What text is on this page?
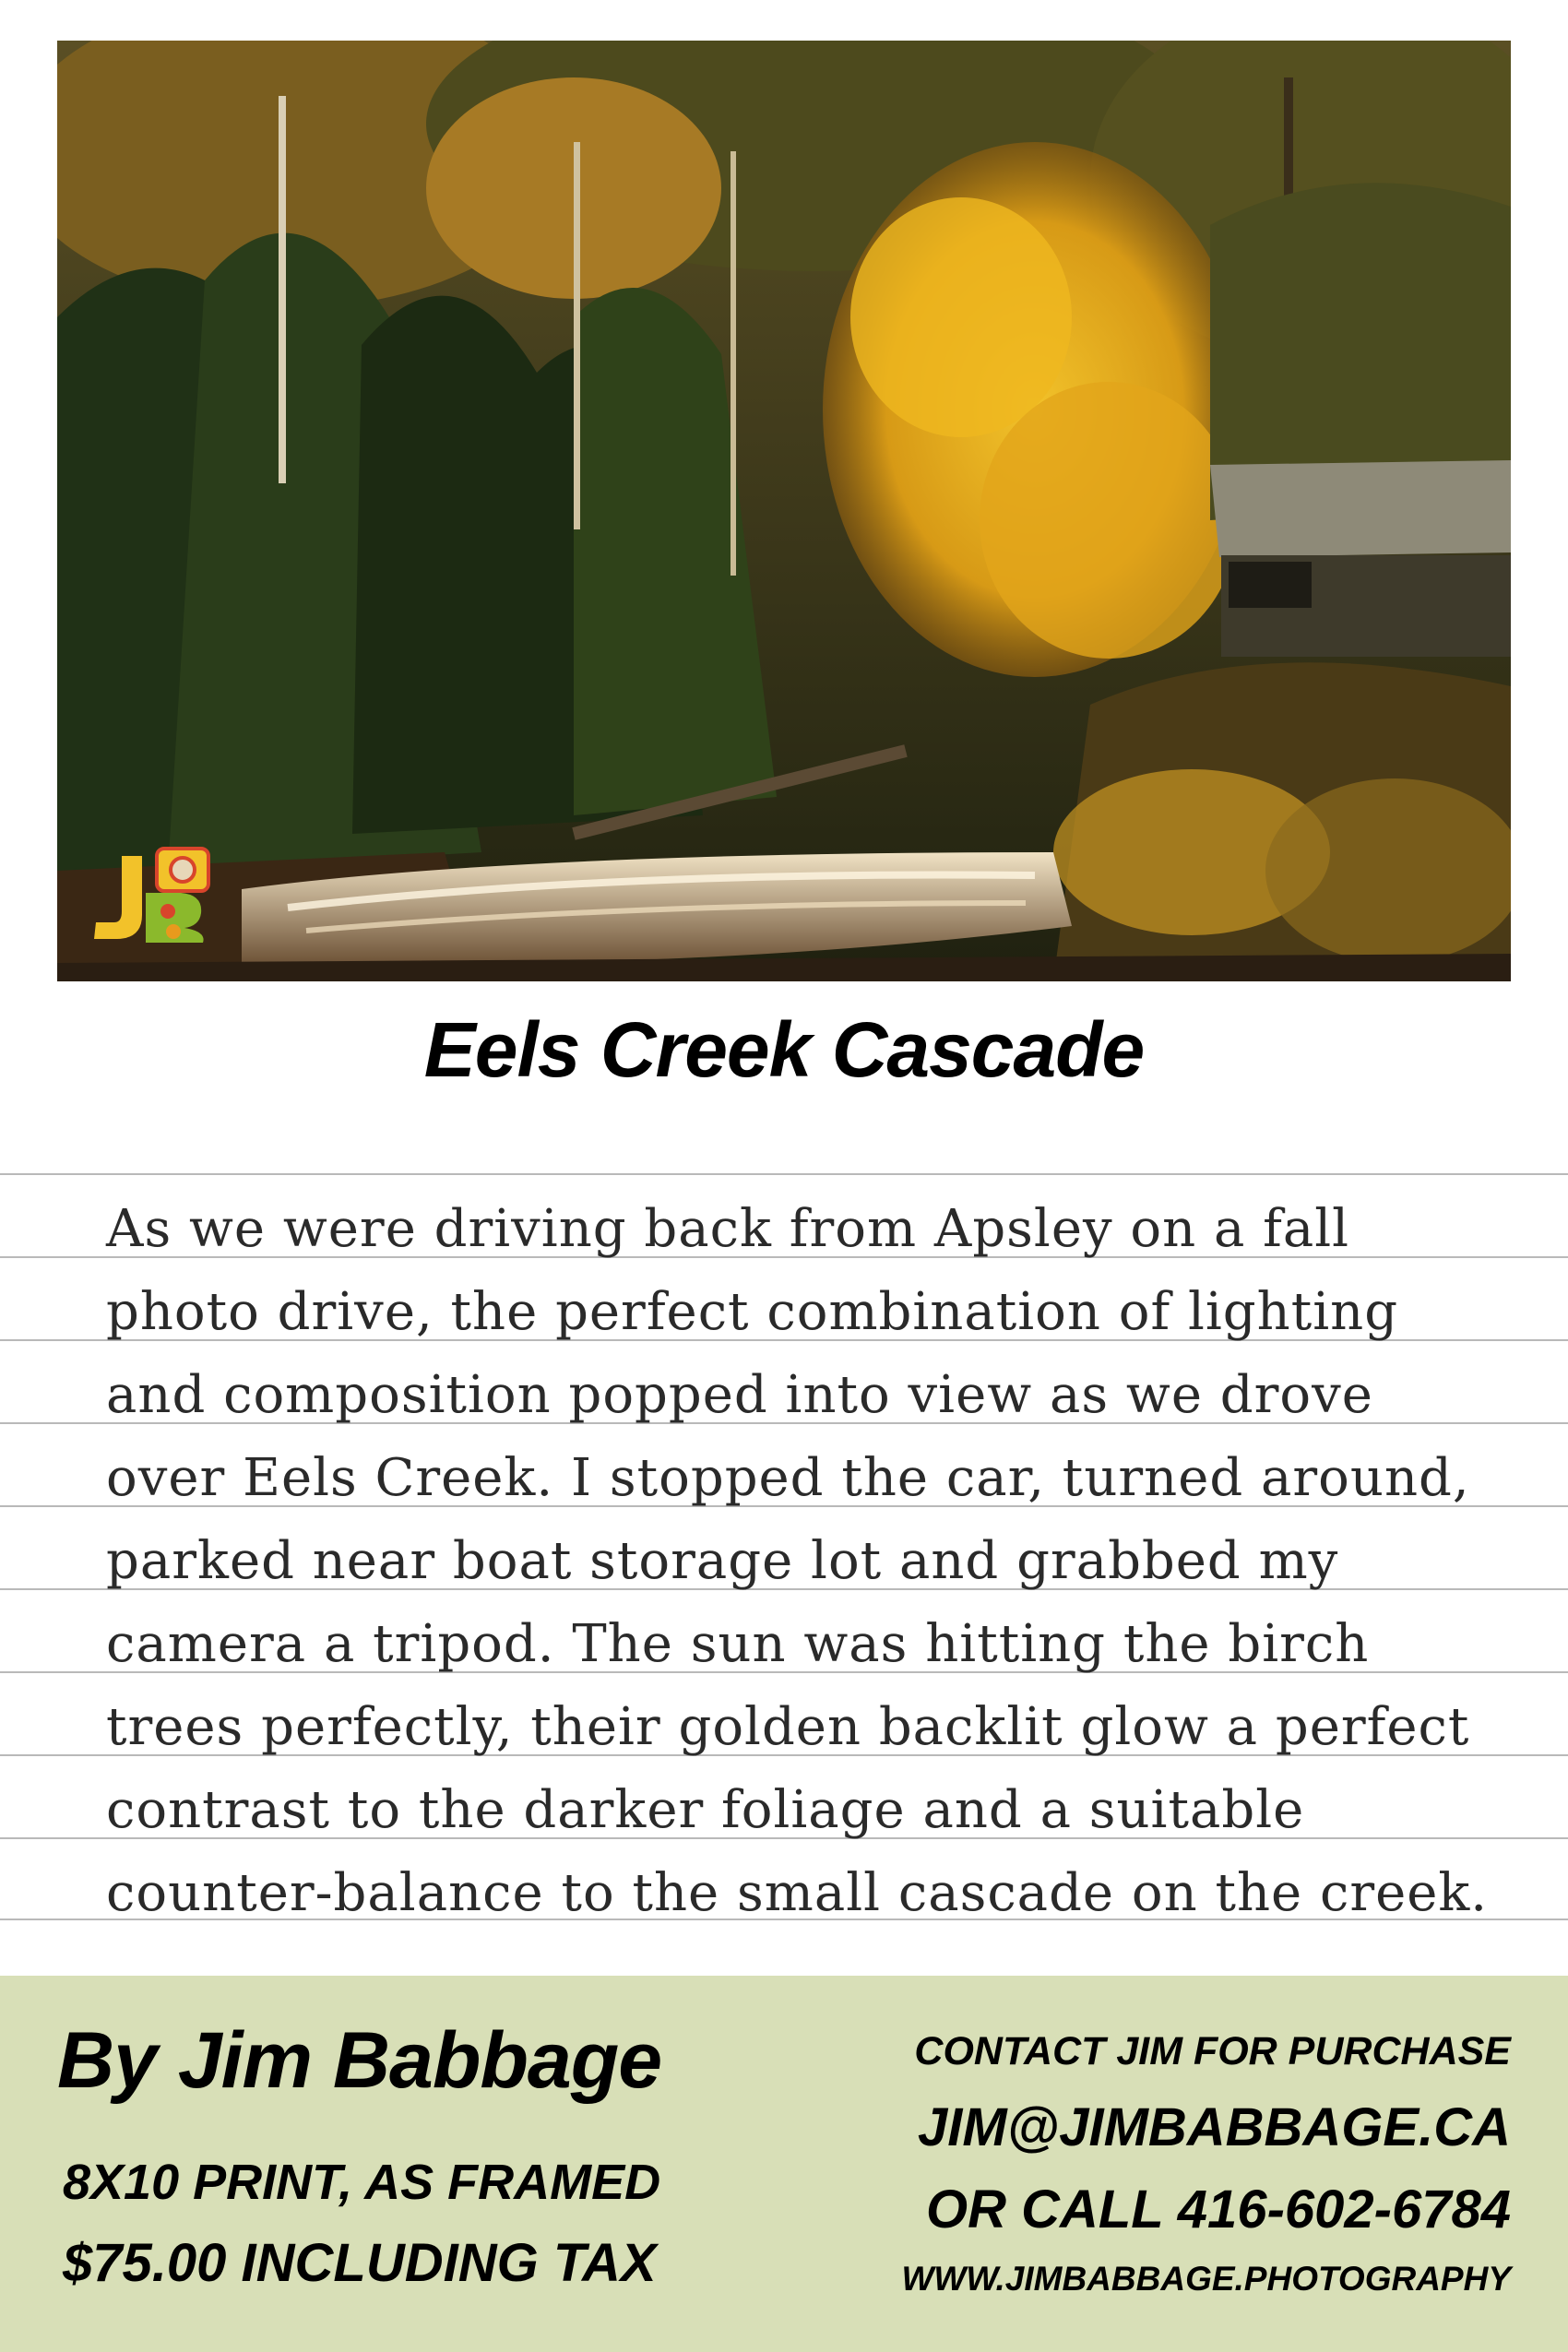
Eels Creek Cascade
As we were driving back from Apsley on a fall
photo drive, the perfect combination of lighting
and composition popped into view as we drove
over Eels Creek. I stopped the car, turned around,
parked near boat storage lot and grabbed my
camera a tripod. The sun was hitting the birch
trees perfectly, their golden backlit glow a perfect
contrast to the darker foliage and a suitable
counter-balance to the small cascade on the creek.
By Jim Babbage
8X10 PRINT, AS FRAMED
$75.00 INCLUDING TAX
CONTACT JIM FOR PURCHASE
JIM@JIMBABBAGE.CA
OR CALL 416-602-6784
WWW.JIMBABBAGE.PHOTOGRAPHY
